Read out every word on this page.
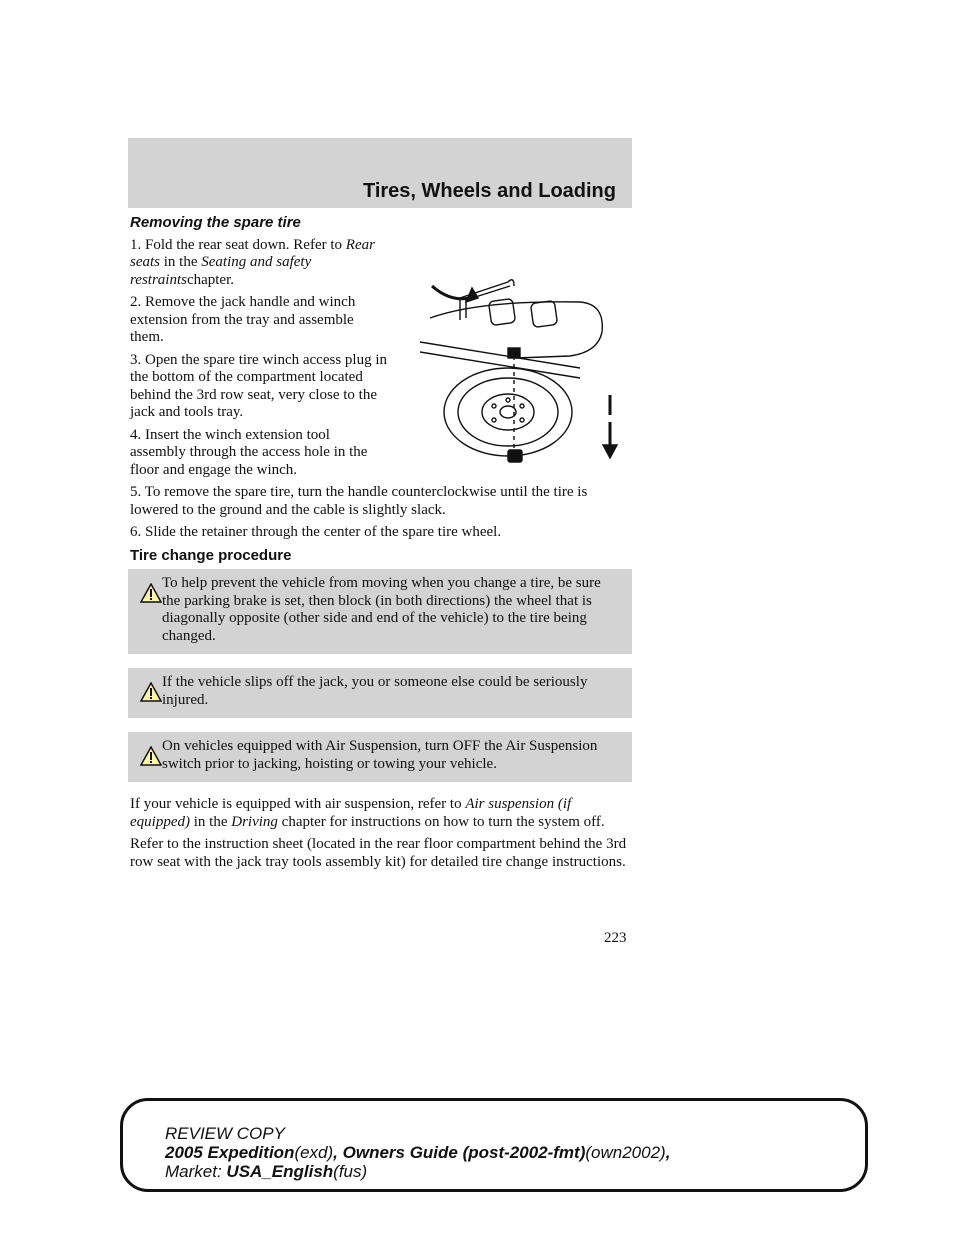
Tires, Wheels and Loading

Removing the spare tire

1. Fold the rear seat down. Refer to Rear seats in the Seating and safety restraintschapter.

2. Remove the jack handle and winch extension from the tray and assemble them.

3. Open the spare tire winch access plug in the bottom of the compartment located behind the 3rd row seat, very close to the jack and tools tray.

4. Insert the winch extension tool assembly through the access hole in the floor and engage the winch.

5. To remove the spare tire, turn the handle counterclockwise until the tire is lowered to the ground and the cable is slightly slack.

6. Slide the retainer through the center of the spare tire wheel.

Tire change procedure

To help prevent the vehicle from moving when you change a tire, be sure the parking brake is set, then block (in both directions) the wheel that is diagonally opposite (other side and end of the vehicle) to the tire being changed.

If the vehicle slips off the jack, you or someone else could be seriously injured.

On vehicles equipped with Air Suspension, turn OFF the Air Suspension switch prior to jacking, hoisting or towing your vehicle.

If your vehicle is equipped with air suspension, refer to Air suspension (if equipped) in the Driving chapter for instructions on how to turn the system off.

Refer to the instruction sheet (located in the rear floor compartment behind the 3rd row seat with the jack tray tools assembly kit) for detailed tire change instructions.

223
REVIEW COPY
2005 Expedition(exd), Owners Guide (post-2002-fmt)(own2002),
Market: USA_English(fus)
